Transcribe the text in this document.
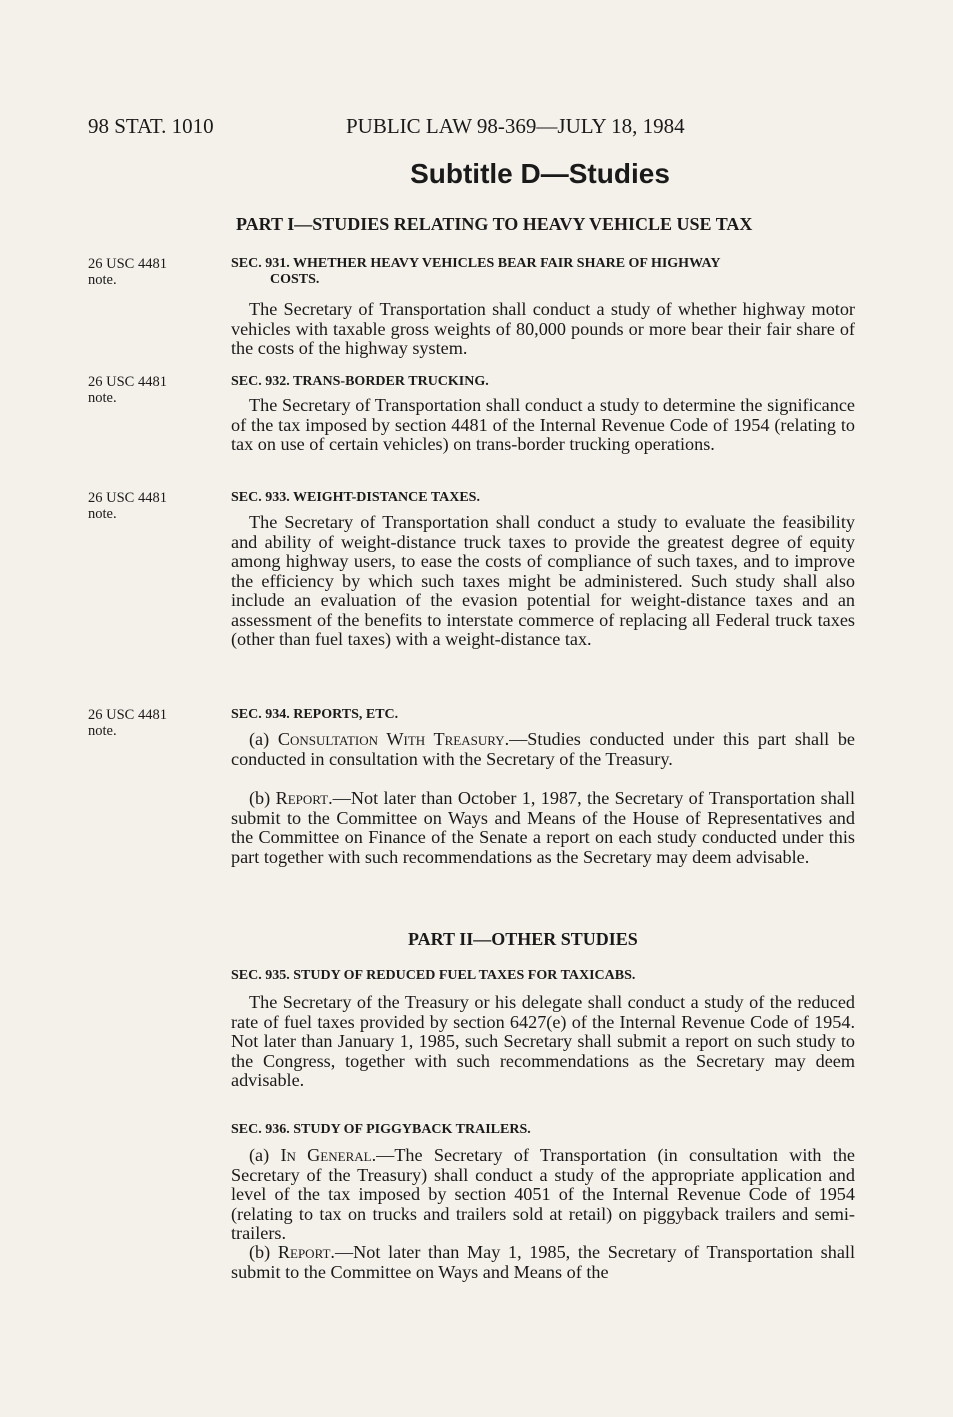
98 STAT. 1010	PUBLIC LAW 98-369—JULY 18, 1984
Subtitle D—Studies
PART I—STUDIES RELATING TO HEAVY VEHICLE USE TAX
26 USC 4481
note.
SEC. 931. WHETHER HEAVY VEHICLES BEAR FAIR SHARE OF HIGHWAY
COSTS.
The Secretary of Transportation shall conduct a study of whether highway motor vehicles with taxable gross weights of 80,000 pounds or more bear their fair share of the costs of the highway system.
26 USC 4481
note.
SEC. 932. TRANS-BORDER TRUCKING.
The Secretary of Transportation shall conduct a study to determine the significance of the tax imposed by section 4481 of the Internal Revenue Code of 1954 (relating to tax on use of certain vehicles) on trans-border trucking operations.
26 USC 4481
note.
SEC. 933. WEIGHT-DISTANCE TAXES.
The Secretary of Transportation shall conduct a study to evaluate the feasibility and ability of weight-distance truck taxes to provide the greatest degree of equity among highway users, to ease the costs of compliance of such taxes, and to improve the efficiency by which such taxes might be administered. Such study shall also include an evaluation of the evasion potential for weight-distance taxes and an assessment of the benefits to interstate commerce of replacing all Federal truck taxes (other than fuel taxes) with a weight-distance tax.
26 USC 4481
note.
SEC. 934. REPORTS, ETC.
(a) Consultation With Treasury.—Studies conducted under this part shall be conducted in consultation with the Secretary of the Treasury.
(b) Report.—Not later than October 1, 1987, the Secretary of Transportation shall submit to the Committee on Ways and Means of the House of Representatives and the Committee on Finance of the Senate a report on each study conducted under this part together with such recommendations as the Secretary may deem advisable.
PART II—OTHER STUDIES
SEC. 935. STUDY OF REDUCED FUEL TAXES FOR TAXICABS.
The Secretary of the Treasury or his delegate shall conduct a study of the reduced rate of fuel taxes provided by section 6427(e) of the Internal Revenue Code of 1954. Not later than January 1, 1985, such Secretary shall submit a report on such study to the Congress, together with such recommendations as the Secretary may deem advisable.
SEC. 936. STUDY OF PIGGYBACK TRAILERS.
(a) In General.—The Secretary of Transportation (in consultation with the Secretary of the Treasury) shall conduct a study of the appropriate application and level of the tax imposed by section 4051 of the Internal Revenue Code of 1954 (relating to tax on trucks and trailers sold at retail) on piggyback trailers and semi-trailers.
(b) Report.—Not later than May 1, 1985, the Secretary of Transportation shall submit to the Committee on Ways and Means of the
